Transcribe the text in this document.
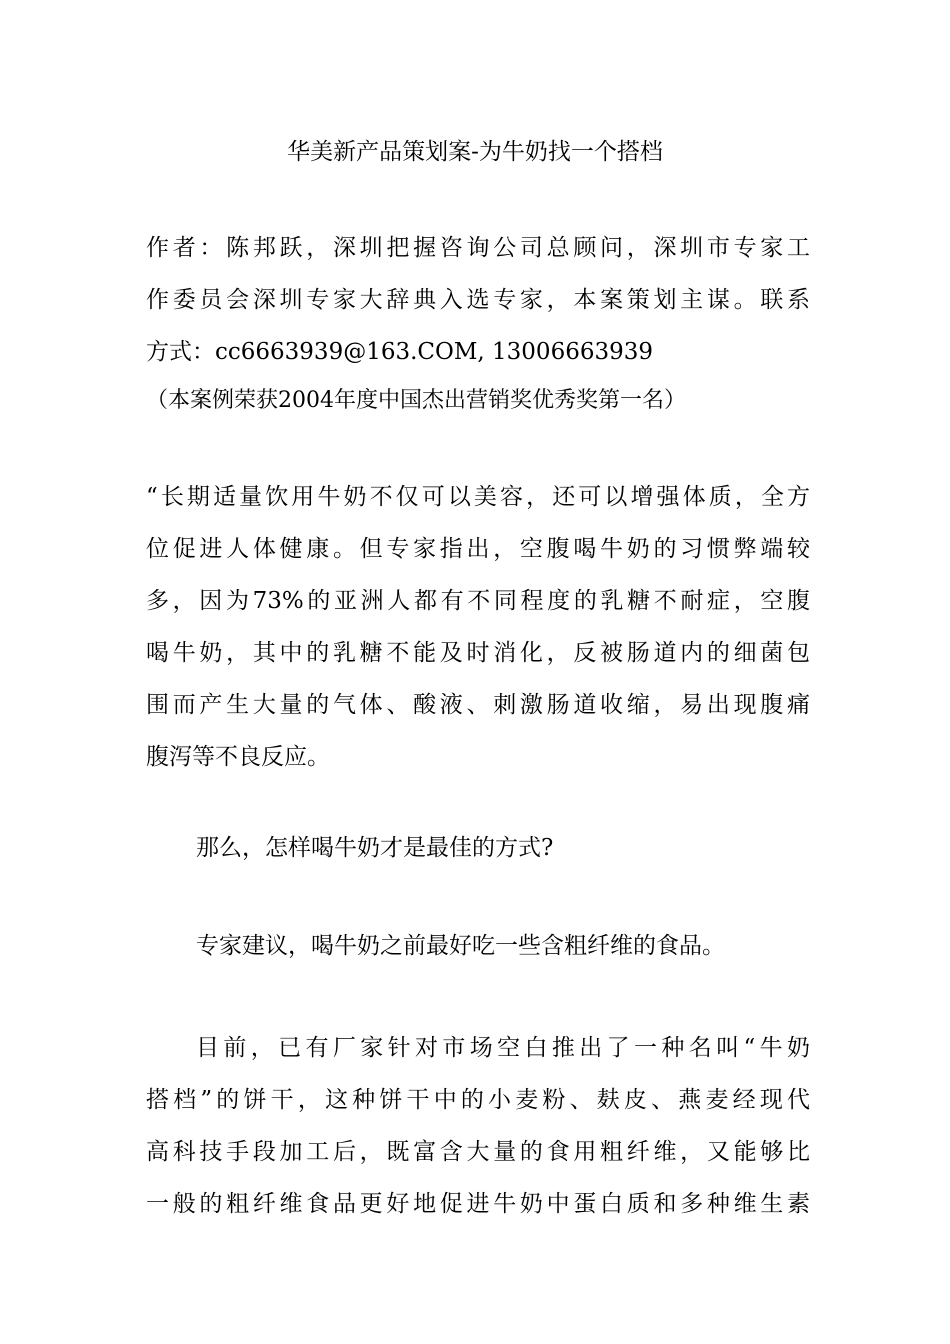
华美新产品策划案-为牛奶找一个搭档
作者：陈邦跃，深圳把握咨询公司总顾问，深圳市专家工
作委员会深圳专家大辞典入选专家，本案策划主谋。联系
方式：cc6663939@163.COM, 13006663939
（本案例荣获2004年度中国杰出营销奖优秀奖第一名）
“长期适量饮用牛奶不仅可以美容，还可以增强体质，全方
位促进人体健康。但专家指出，空腹喝牛奶的习惯弊端较
多，因为73%的亚洲人都有不同程度的乳糖不耐症，空腹
喝牛奶，其中的乳糖不能及时消化，反被肠道内的细菌包
围而产生大量的气体、酸液、刺激肠道收缩，易出现腹痛
腹泻等不良反应。
那么，怎样喝牛奶才是最佳的方式?
专家建议，喝牛奶之前最好吃一些含粗纤维的食品。
目前，已有厂家针对市场空白推出了一种名叫“牛奶
搭档”的饼干，这种饼干中的小麦粉、麸皮、燕麦经现代
高科技手段加工后，既富含大量的食用粗纤维，又能够比
一般的粗纤维食品更好地促进牛奶中蛋白质和多种维生素
